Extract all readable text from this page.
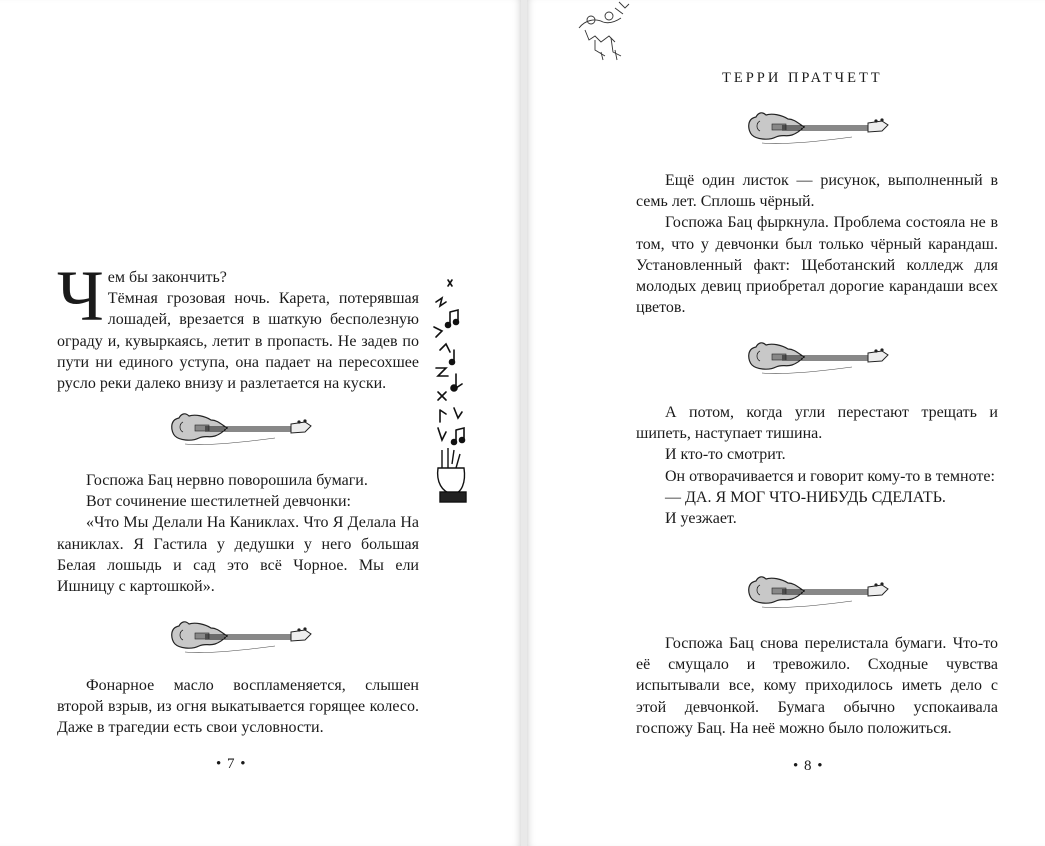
Ч ем бы закончить?

Тёмная грозовая ночь. Карета, потерявшая лошадей, врезается в шаткую бесполезную ограду и, кувыркаясь, летит в пропасть. Не задев по пути ни единого уступа, она падает на пересохшее русло реки далеко внизу и разлетается на куски.

Госпожа Бац нервно поворошила бумаги.

Вот сочинение шестилетней девчонки:

«Что Мы Делали На Каниклах. Что Я Делала На каниклах. Я Гастила у дедушки у него большая Белая лошыдь и сад это всё Чорное. Мы ели Ишницу с картошкой».

Фонарное масло воспламеняется, слышен второй взрыв, из огня выкатывается горящее колесо. Даже в трагедии есть свои условности.

• 7 •
ТЕРРИ ПРАТЧЕТТ

Ещё один листок — рисунок, выполненный в семь лет. Сплошь чёрный.

Госпожа Бац фыркнула. Проблема состояла не в том, что у девчонки был только чёрный карандаш. Установленный факт: Щеботанский колледж для молодых девиц приобретал дорогие карандаши всех цветов.

А потом, когда угли перестают трещать и шипеть, наступает тишина.

И кто-то смотрит.

Он отворачивается и говорит кому-то в темноте:

— ДА. Я МОГ ЧТО-НИБУДЬ СДЕЛАТЬ.

И уезжает.

Госпожа Бац снова перелистала бумаги. Что-то её смущало и тревожило. Сходные чувства испытывали все, кому приходилось иметь дело с этой девчонкой. Бумага обычно успокаивала госпожу Бац. На неё можно было положиться.

• 8 •
